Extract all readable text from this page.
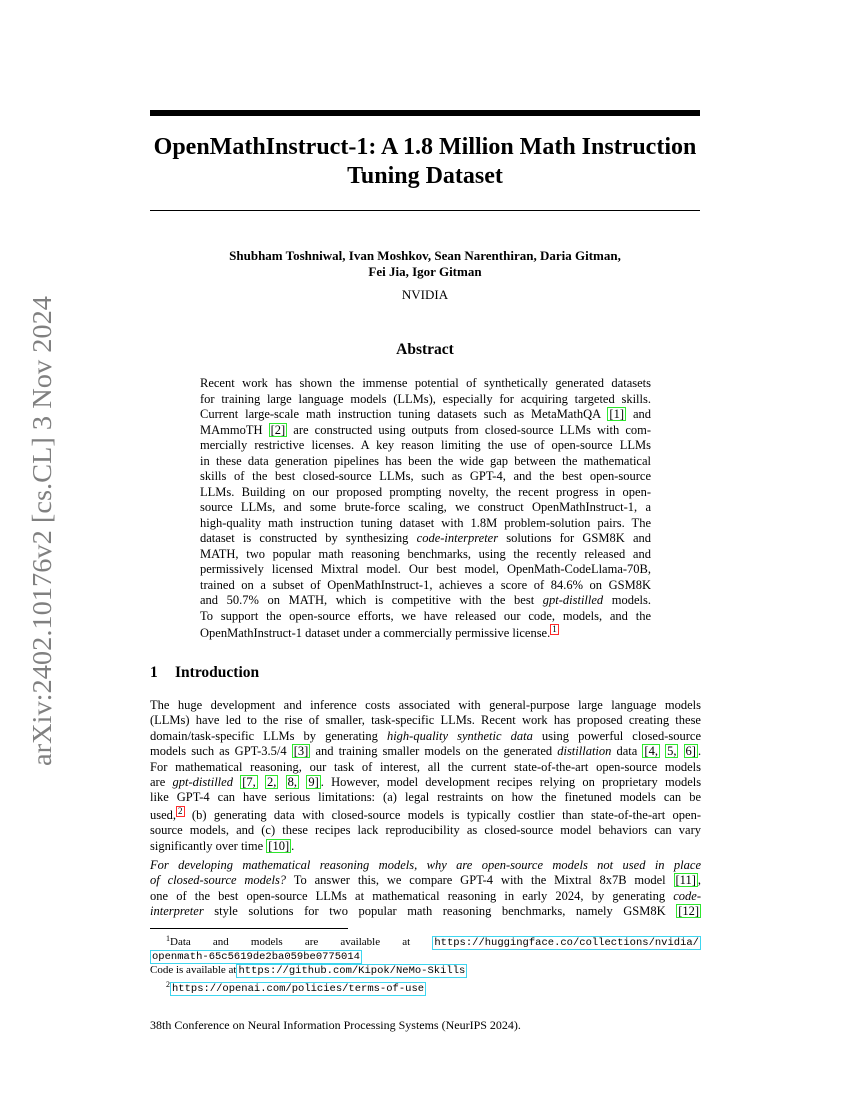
arXiv:2402.10176v2 [cs.CL] 3 Nov 2024
OpenMathInstruct-1: A 1.8 Million Math Instruction
Tuning Dataset
Shubham Toshniwal, Ivan Moshkov, Sean Narenthiran, Daria Gitman,
Fei Jia, Igor Gitman
NVIDIA
Abstract
Recent work has shown the immense potential of synthetically generated datasets
for training large language models (LLMs), especially for acquiring targeted skills.
Current large-scale math instruction tuning datasets such as MetaMathQA [1] and
MAmmoTH [2] are constructed using outputs from closed-source LLMs with com-
mercially restrictive licenses. A key reason limiting the use of open-source LLMs
in these data generation pipelines has been the wide gap between the mathematical
skills of the best closed-source LLMs, such as GPT-4, and the best open-source
LLMs. Building on our proposed prompting novelty, the recent progress in open-
source LLMs, and some brute-force scaling, we construct OpenMathInstruct-1, a
high-quality math instruction tuning dataset with 1.8M problem-solution pairs. The
dataset is constructed by synthesizing code-interpreter solutions for GSM8K and
MATH, two popular math reasoning benchmarks, using the recently released and
permissively licensed Mixtral model. Our best model, OpenMath-CodeLlama-70B,
trained on a subset of OpenMathInstruct-1, achieves a score of 84.6% on GSM8K
and 50.7% on MATH, which is competitive with the best gpt-distilled models.
To support the open-source efforts, we have released our code, models, and the
OpenMathInstruct-1 dataset under a commercially permissive license. 1
1 Introduction
The huge development and inference costs associated with general-purpose large language models
(LLMs) have led to the rise of smaller, task-specific LLMs. Recent work has proposed creating these
domain/task-specific LLMs by generating high-quality synthetic data using powerful closed-source
models such as GPT-3.5/4 [3] and training smaller models on the generated distillation data [4, 5, 6] .
For mathematical reasoning, our task of interest, all the current state-of-the-art open-source models
are gpt-distilled [7, 2, 8, 9] . However, model development recipes relying on proprietary models
like GPT-4 can have serious limitations: (a) legal restraints on how the finetuned models can be
used, 2 (b) generating data with closed-source models is typically costlier than state-of-the-art open-
source models, and (c) these recipes lack reproducibility as closed-source model behaviors can vary
significantly over time [10] .
For developing mathematical reasoning models, why are open-source models not used in place
of closed-source models? To answer this, we compare GPT-4 with the Mixtral 8x7B model [11] ,
one of the best open-source LLMs at mathematical reasoning in early 2024, by generating code-
interpreter style solutions for two popular math reasoning benchmarks, namely GSM8K [12]
$^1$Data and models are available at https://huggingface.co/collections/nvidia/
openmath-65c5619de2ba059be0775014
Code is available at https://github.com/Kipok/NeMo-Skills
$^2$ https://openai.com/policies/terms-of-use
38th Conference on Neural Information Processing Systems (NeurIPS 2024).
